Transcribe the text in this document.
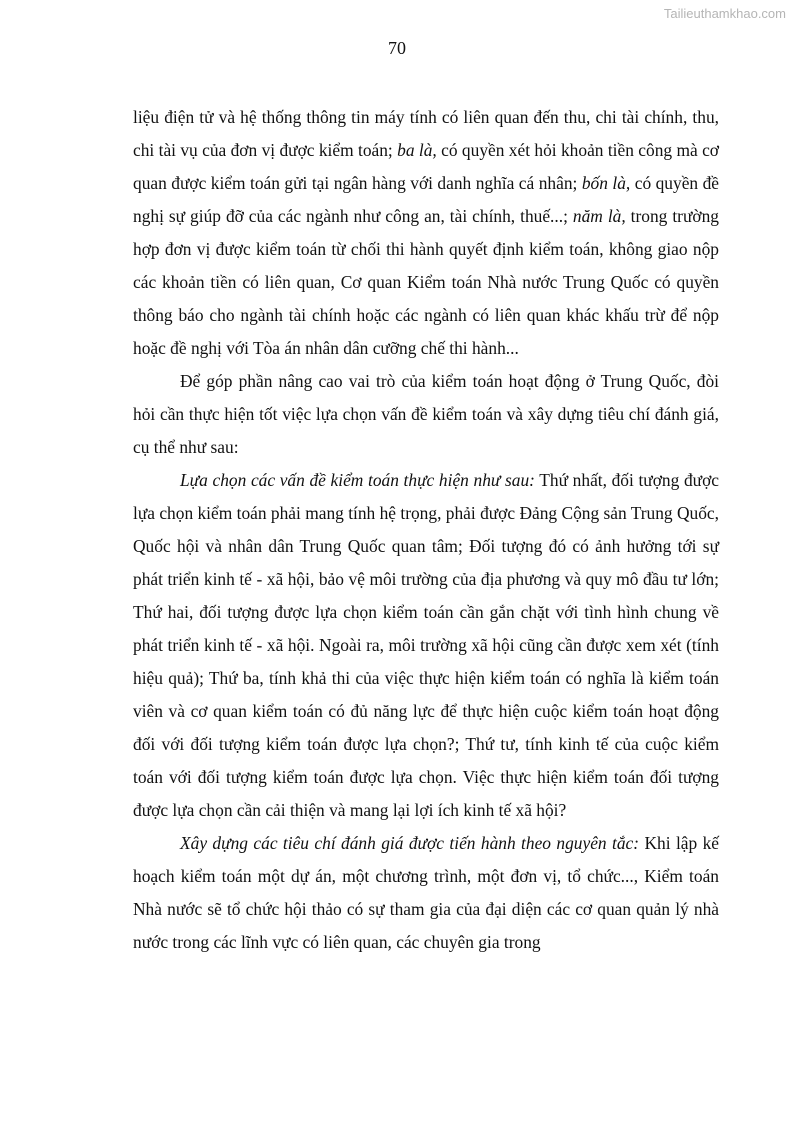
Tailieuthamkhao.com
70

liệu điện tử và hệ thống thông tin máy tính có liên quan đến thu, chi tài chính, thu, chi tài vụ của đơn vị được kiểm toán; ba là, có quyền xét hỏi khoản tiền công mà cơ quan được kiểm toán gửi tại ngân hàng với danh nghĩa cá nhân; bốn là, có quyền đề nghị sự giúp đỡ của các ngành như công an, tài chính, thuế...; năm là, trong trường hợp đơn vị được kiểm toán từ chối thi hành quyết định kiểm toán, không giao nộp các khoản tiền có liên quan, Cơ quan Kiểm toán Nhà nước Trung Quốc có quyền thông báo cho ngành tài chính hoặc các ngành có liên quan khác khấu trừ để nộp hoặc đề nghị với Tòa án nhân dân cưỡng chế thi hành...

Để góp phần nâng cao vai trò của kiểm toán hoạt động ở Trung Quốc, đòi hỏi cần thực hiện tốt việc lựa chọn vấn đề kiểm toán và xây dựng tiêu chí đánh giá, cụ thể như sau:

Lựa chọn các vấn đề kiểm toán thực hiện như sau: Thứ nhất, đối tượng được lựa chọn kiểm toán phải mang tính hệ trọng, phải được Đảng Cộng sản Trung Quốc, Quốc hội và nhân dân Trung Quốc quan tâm; Đối tượng đó có ảnh hưởng tới sự phát triển kinh tế - xã hội, bảo vệ môi trường của địa phương và quy mô đầu tư lớn; Thứ hai, đối tượng được lựa chọn kiểm toán cần gắn chặt với tình hình chung về phát triển kinh tế - xã hội. Ngoài ra, môi trường xã hội cũng cần được xem xét (tính hiệu quả); Thứ ba, tính khả thi của việc thực hiện kiểm toán có nghĩa là kiểm toán viên và cơ quan kiểm toán có đủ năng lực để thực hiện cuộc kiểm toán hoạt động đối với đối tượng kiểm toán được lựa chọn?; Thứ tư, tính kinh tế của cuộc kiểm toán với đối tượng kiểm toán được lựa chọn. Việc thực hiện kiểm toán đối tượng được lựa chọn cần cải thiện và mang lại lợi ích kinh tế xã hội?

Xây dựng các tiêu chí đánh giá được tiến hành theo nguyên tắc: Khi lập kế hoạch kiểm toán một dự án, một chương trình, một đơn vị, tổ chức..., Kiểm toán Nhà nước sẽ tổ chức hội thảo có sự tham gia của đại diện các cơ quan quản lý nhà nước trong các lĩnh vực có liên quan, các chuyên gia trong
